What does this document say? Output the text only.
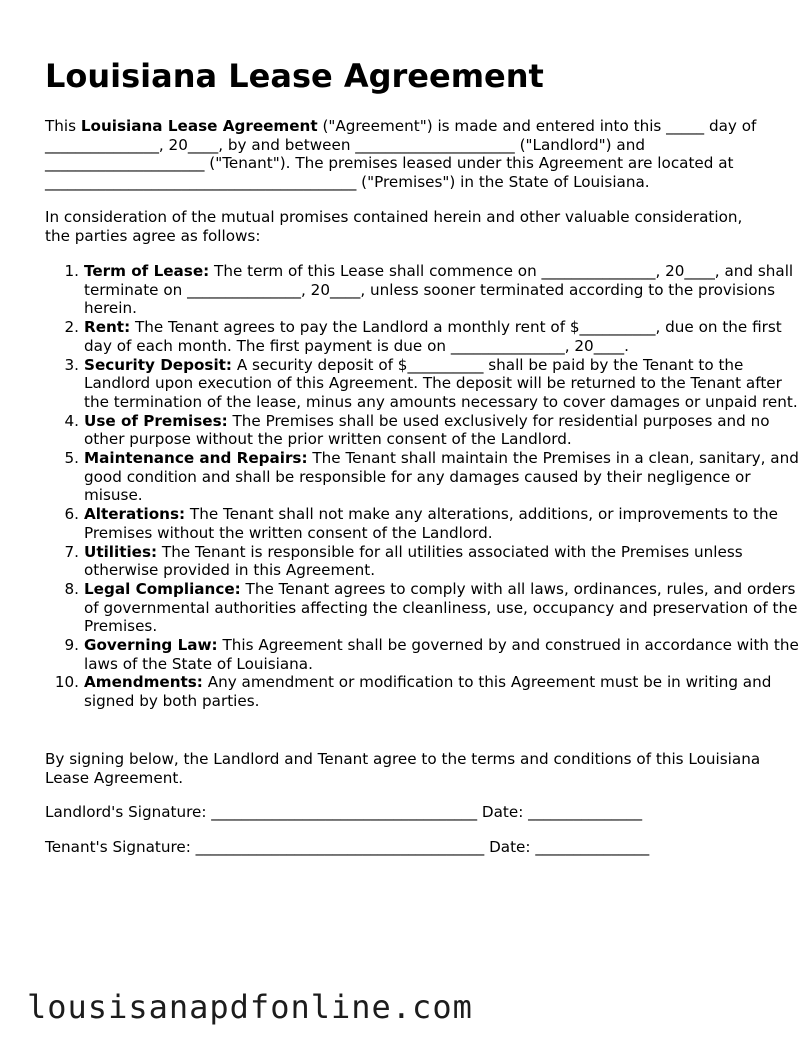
Louisiana Lease Agreement

This Louisiana Lease Agreement ("Agreement") is made and entered into this _____ day of _______________, 20____, by and between _____________________ ("Landlord") and _____________________ ("Tenant"). The premises leased under this Agreement are located at _________________________________________ ("Premises") in the State of Louisiana.

In consideration of the mutual promises contained herein and other valuable consideration, the parties agree as follows:

1. Term of Lease: The term of this Lease shall commence on _______________, 20____, and shall terminate on _______________, 20____, unless sooner terminated according to the provisions herein.
2. Rent: The Tenant agrees to pay the Landlord a monthly rent of $__________, due on the first day of each month. The first payment is due on _______________, 20____.
3. Security Deposit: A security deposit of $__________ shall be paid by the Tenant to the Landlord upon execution of this Agreement. The deposit will be returned to the Tenant after the termination of the lease, minus any amounts necessary to cover damages or unpaid rent.
4. Use of Premises: The Premises shall be used exclusively for residential purposes and no other purpose without the prior written consent of the Landlord.
5. Maintenance and Repairs: The Tenant shall maintain the Premises in a clean, sanitary, and good condition and shall be responsible for any damages caused by their negligence or misuse.
6. Alterations: The Tenant shall not make any alterations, additions, or improvements to the Premises without the written consent of the Landlord.
7. Utilities: The Tenant is responsible for all utilities associated with the Premises unless otherwise provided in this Agreement.
8. Legal Compliance: The Tenant agrees to comply with all laws, ordinances, rules, and orders of governmental authorities affecting the cleanliness, use, occupancy and preservation of the Premises.
9. Governing Law: This Agreement shall be governed by and construed in accordance with the laws of the State of Louisiana.
10. Amendments: Any amendment or modification to this Agreement must be in writing and signed by both parties.

By signing below, the Landlord and Tenant agree to the terms and conditions of this Louisiana Lease Agreement.

Landlord's Signature: ___________________________________ Date: _______________
Tenant's Signature: ______________________________________ Date: _______________
lousisanapdfonline.com
